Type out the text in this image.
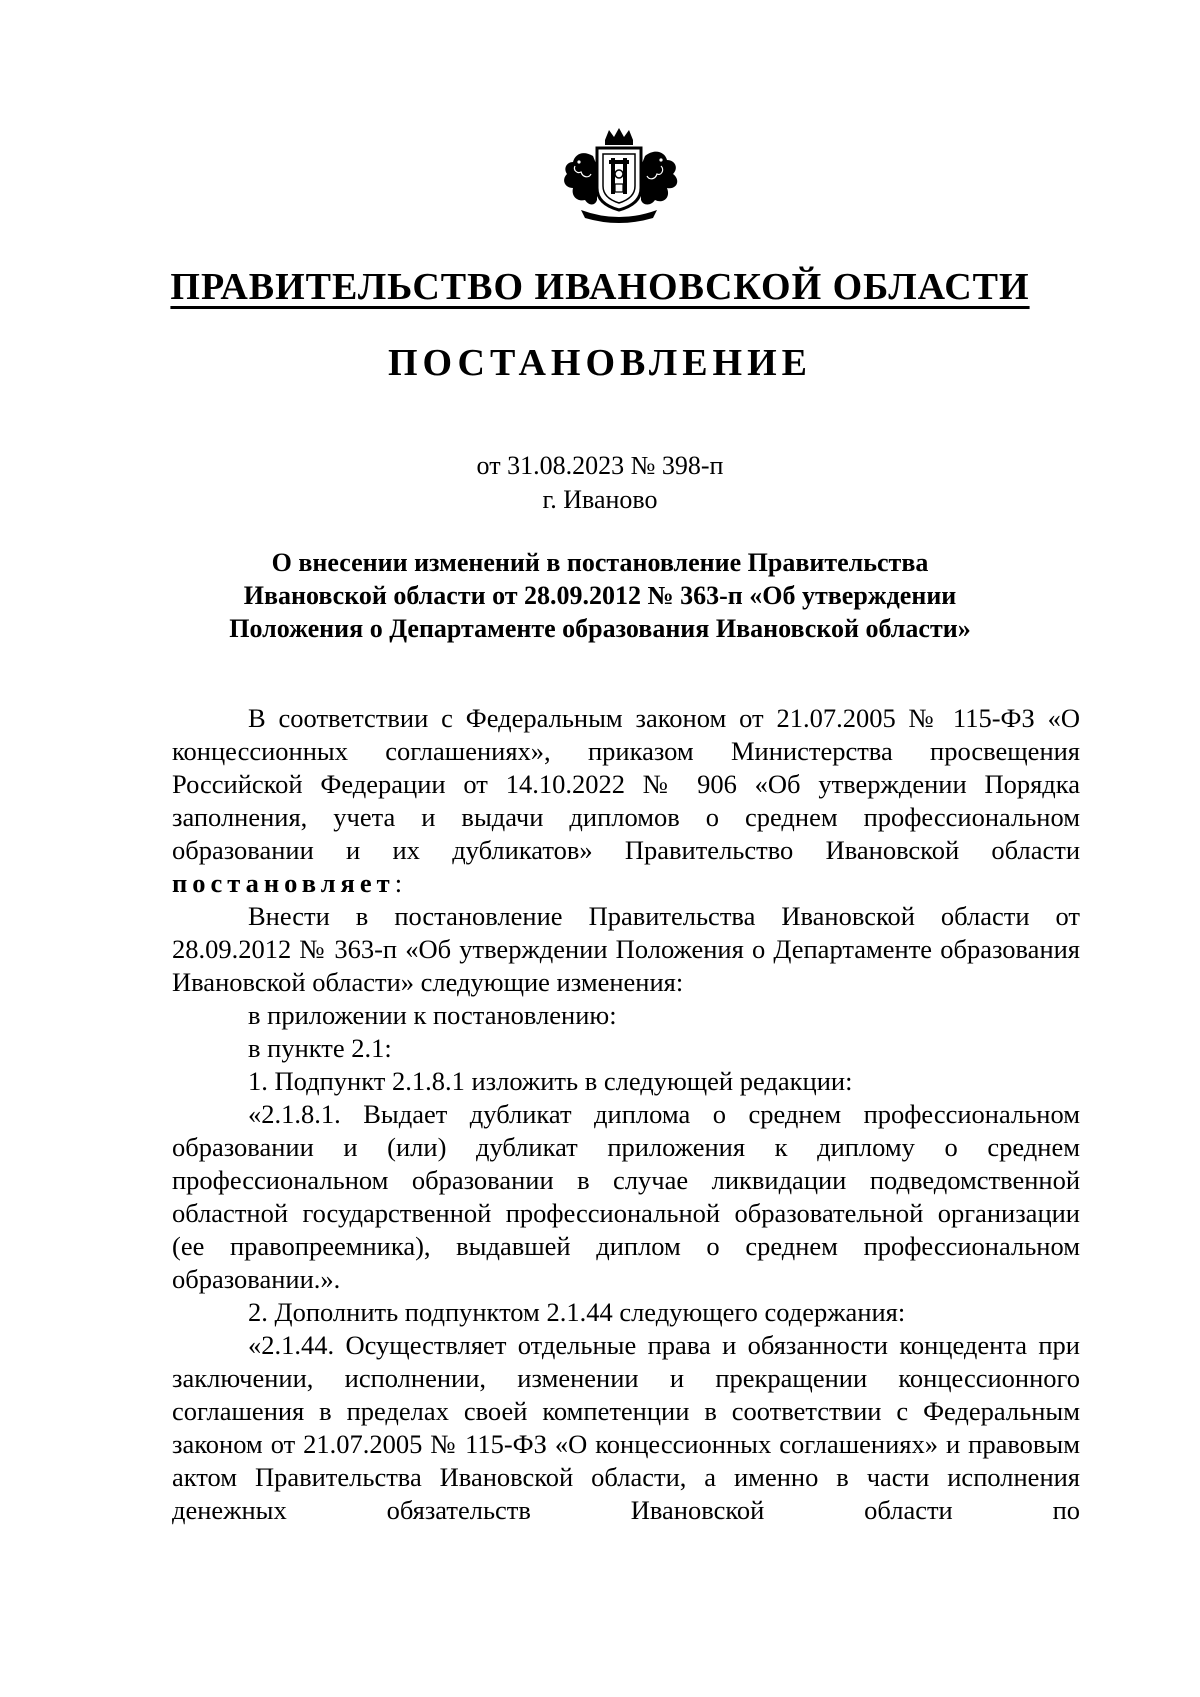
ПРАВИТЕЛЬСТВО ИВАНОВСКОЙ ОБЛАСТИ
ПОСТАНОВЛЕНИЕ
от 31.08.2023 № 398-п
г. Иваново
О внесении изменений в постановление Правительства
Ивановской области от 28.09.2012 № 363-п «Об утверждении
Положения о Департаменте образования Ивановской области»

В соответствии с Федеральным законом от 21.07.2005 № 115-ФЗ «О концессионных соглашениях», приказом Министерства просвещения Российской Федерации от 14.10.2022 № 906 «Об утверждении Порядка заполнения, учета и выдачи дипломов о среднем профессиональном образовании и их дубликатов» Правительство Ивановской области постановляет:

Внести в постановление Правительства Ивановской области от 28.09.2012 № 363-п «Об утверждении Положения о Департаменте образования Ивановской области» следующие изменения:

в приложении к постановлению:

в пункте 2.1:

1. Подпункт 2.1.8.1 изложить в следующей редакции:

«2.1.8.1. Выдает дубликат диплома о среднем профессиональном образовании и (или) дубликат приложения к диплому о среднем профессиональном образовании в случае ликвидации подведомственной областной государственной профессиональной образовательной организации (ее правопреемника), выдавшей диплом о среднем профессиональном образовании.».

2. Дополнить подпунктом 2.1.44 следующего содержания:

«2.1.44. Осуществляет отдельные права и обязанности концедента при заключении, исполнении, изменении и прекращении концессионного соглашения в пределах своей компетенции в соответствии с Федеральным законом от 21.07.2005 № 115-ФЗ «О концессионных соглашениях» и правовым актом Правительства Ивановской области, а именно в части исполнения денежных обязательств Ивановской области по
